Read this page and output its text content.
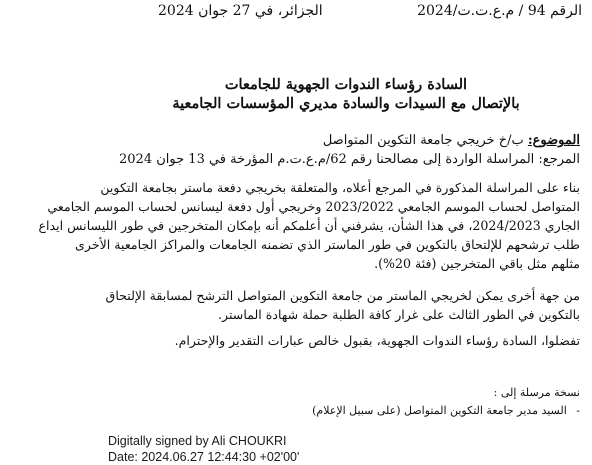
الرقم 94 / م.ع.ت.ت/2024
الجزائر، في 27 جوان 2024
السادة رؤساء الندوات الجهوية للجامعات
بالإتصال مع السيدات والسادة مديري المؤسسات الجامعية
الموضوع: ب/خ خريجي جامعة التكوين المتواصل
المرجع: المراسلة الواردة إلى مصالحنا رقم 62/م.ع.ت.م المؤرخة في 13 جوان 2024
بناء على المراسلة المذكورة في المرجع أعلاه، والمتعلقة بخريجي دفعة ماستر بجامعة التكوين
المتواصل لحساب الموسم الجامعي 2023/2022 وخريجي أول دفعة ليسانس لحساب الموسم الجامعي
الجاري 2024/2023، في هذا الشأن، يشرفني أن أعلمكم أنه بإمكان المتخرجين في طور الليسانس ايداع
طلب ترشحهم للإلتحاق بالتكوين في طور الماستر الذي تضمنه الجامعات والمراكز الجامعية الأخرى
مثلهم مثل باقي المتخرجين (فئة 20%).
من جهة أخرى يمكن لخريجي الماستر من جامعة التكوين المتواصل الترشح لمسابقة الإلتحاق
بالتكوين في الطور الثالث على غرار كافة الطلبة حملة شهادة الماستر.
تفضلوا، السادة رؤساء الندوات الجهوية، بقبول خالص عبارات التقدير والإحترام.
نسخة مرسلة إلى :
- السيد مدير جامعة التكوين المتواصل (على سبيل الإعلام)
Digitally signed by Ali CHOUKRI
Date: 2024.06.27 12:44:30 +02'00'
